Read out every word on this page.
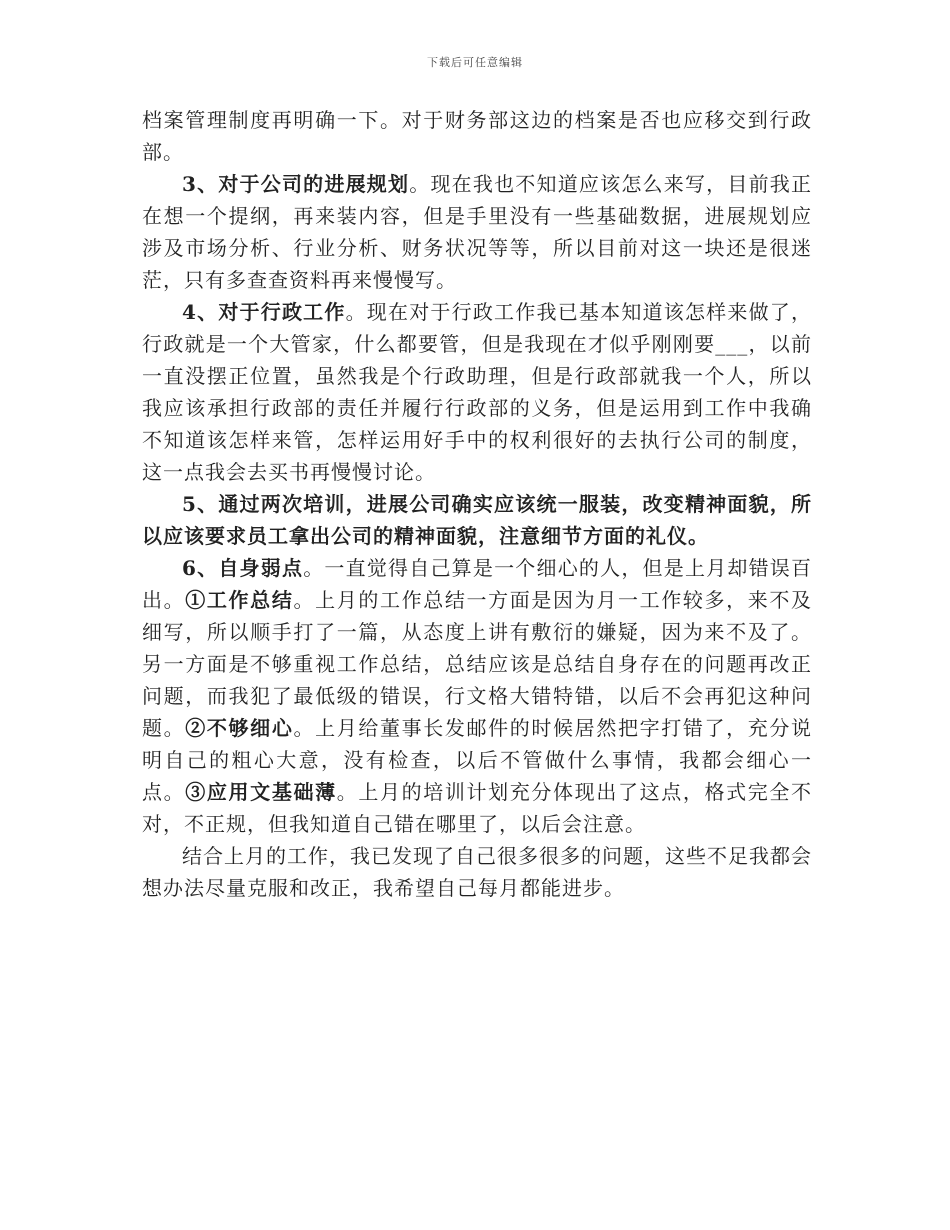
下载后可任意编辑

档案管理制度再明确一下。对于财务部这边的档案是否也应移交到行政部。

3、对于公司的进展规划。现在我也不知道应该怎么来写，目前我正在想一个提纲，再来装内容，但是手里没有一些基础数据，进展规划应涉及市场分析、行业分析、财务状况等等，所以目前对这一块还是很迷茫，只有多查查资料再来慢慢写。

4、对于行政工作。现在对于行政工作我已基本知道该怎样来做了，行政就是一个大管家，什么都要管，但是我现在才似乎刚刚要___，以前一直没摆正位置，虽然我是个行政助理，但是行政部就我一个人，所以我应该承担行政部的责任并履行行政部的义务，但是运用到工作中我确不知道该怎样来管，怎样运用好手中的权利很好的去执行公司的制度，这一点我会去买书再慢慢讨论。

5、通过两次培训，进展公司确实应该统一服装，改变精神面貌，所以应该要求员工拿出公司的精神面貌，注意细节方面的礼仪。

6、自身弱点。一直觉得自己算是一个细心的人，但是上月却错误百出。①工作总结。上月的工作总结一方面是因为月一工作较多，来不及细写，所以顺手打了一篇，从态度上讲有敷衍的嫌疑，因为来不及了。另一方面是不够重视工作总结，总结应该是总结自身存在的问题再改正问题，而我犯了最低级的错误，行文格大错特错，以后不会再犯这种问题。②不够细心。上月给董事长发邮件的时候居然把字打错了，充分说明自己的粗心大意，没有检查，以后不管做什么事情，我都会细心一点。③应用文基础薄。上月的培训计划充分体现出了这点，格式完全不对，不正规，但我知道自己错在哪里了，以后会注意。

结合上月的工作，我已发现了自己很多很多的问题，这些不足我都会想办法尽量克服和改正，我希望自己每月都能进步。
